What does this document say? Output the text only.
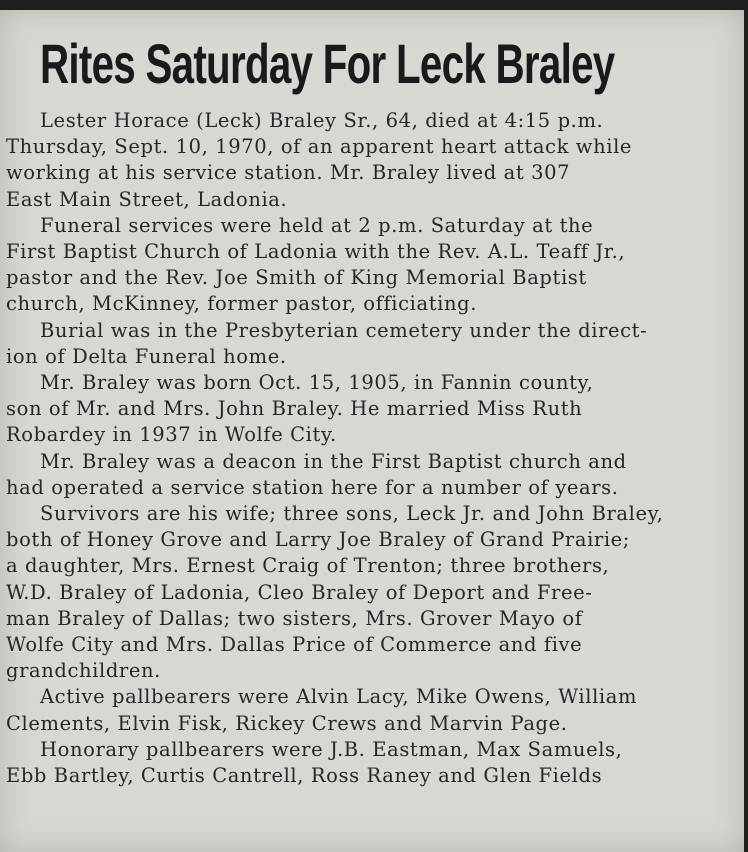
Rites Saturday For Leck Braley
Lester Horace (Leck) Braley Sr., 64, died at 4:15 p.m.
Thursday, Sept. 10, 1970, of an apparent heart attack while
working at his service station. Mr. Braley lived at 307
East Main Street, Ladonia.
Funeral services were held at 2 p.m. Saturday at the
First Baptist Church of Ladonia with the Rev. A.L. Teaff Jr.,
pastor and the Rev. Joe Smith of King Memorial Baptist
church, McKinney, former pastor, officiating.
Burial was in the Presbyterian cemetery under the direct-
ion of Delta Funeral home.
Mr. Braley was born Oct. 15, 1905, in Fannin county,
son of Mr. and Mrs. John Braley. He married Miss Ruth
Robardey in 1937 in Wolfe City.
Mr. Braley was a deacon in the First Baptist church and
had operated a service station here for a number of years.
Survivors are his wife; three sons, Leck Jr. and John Braley,
both of Honey Grove and Larry Joe Braley of Grand Prairie;
a daughter, Mrs. Ernest Craig of Trenton; three brothers,
W.D. Braley of Ladonia, Cleo Braley of Deport and Free-
man Braley of Dallas; two sisters, Mrs. Grover Mayo of
Wolfe City and Mrs. Dallas Price of Commerce and five
grandchildren.
Active pallbearers were Alvin Lacy, Mike Owens, William
Clements, Elvin Fisk, Rickey Crews and Marvin Page.
Honorary pallbearers were J.B. Eastman, Max Samuels,
Ebb Bartley, Curtis Cantrell, Ross Raney and Glen Fields
